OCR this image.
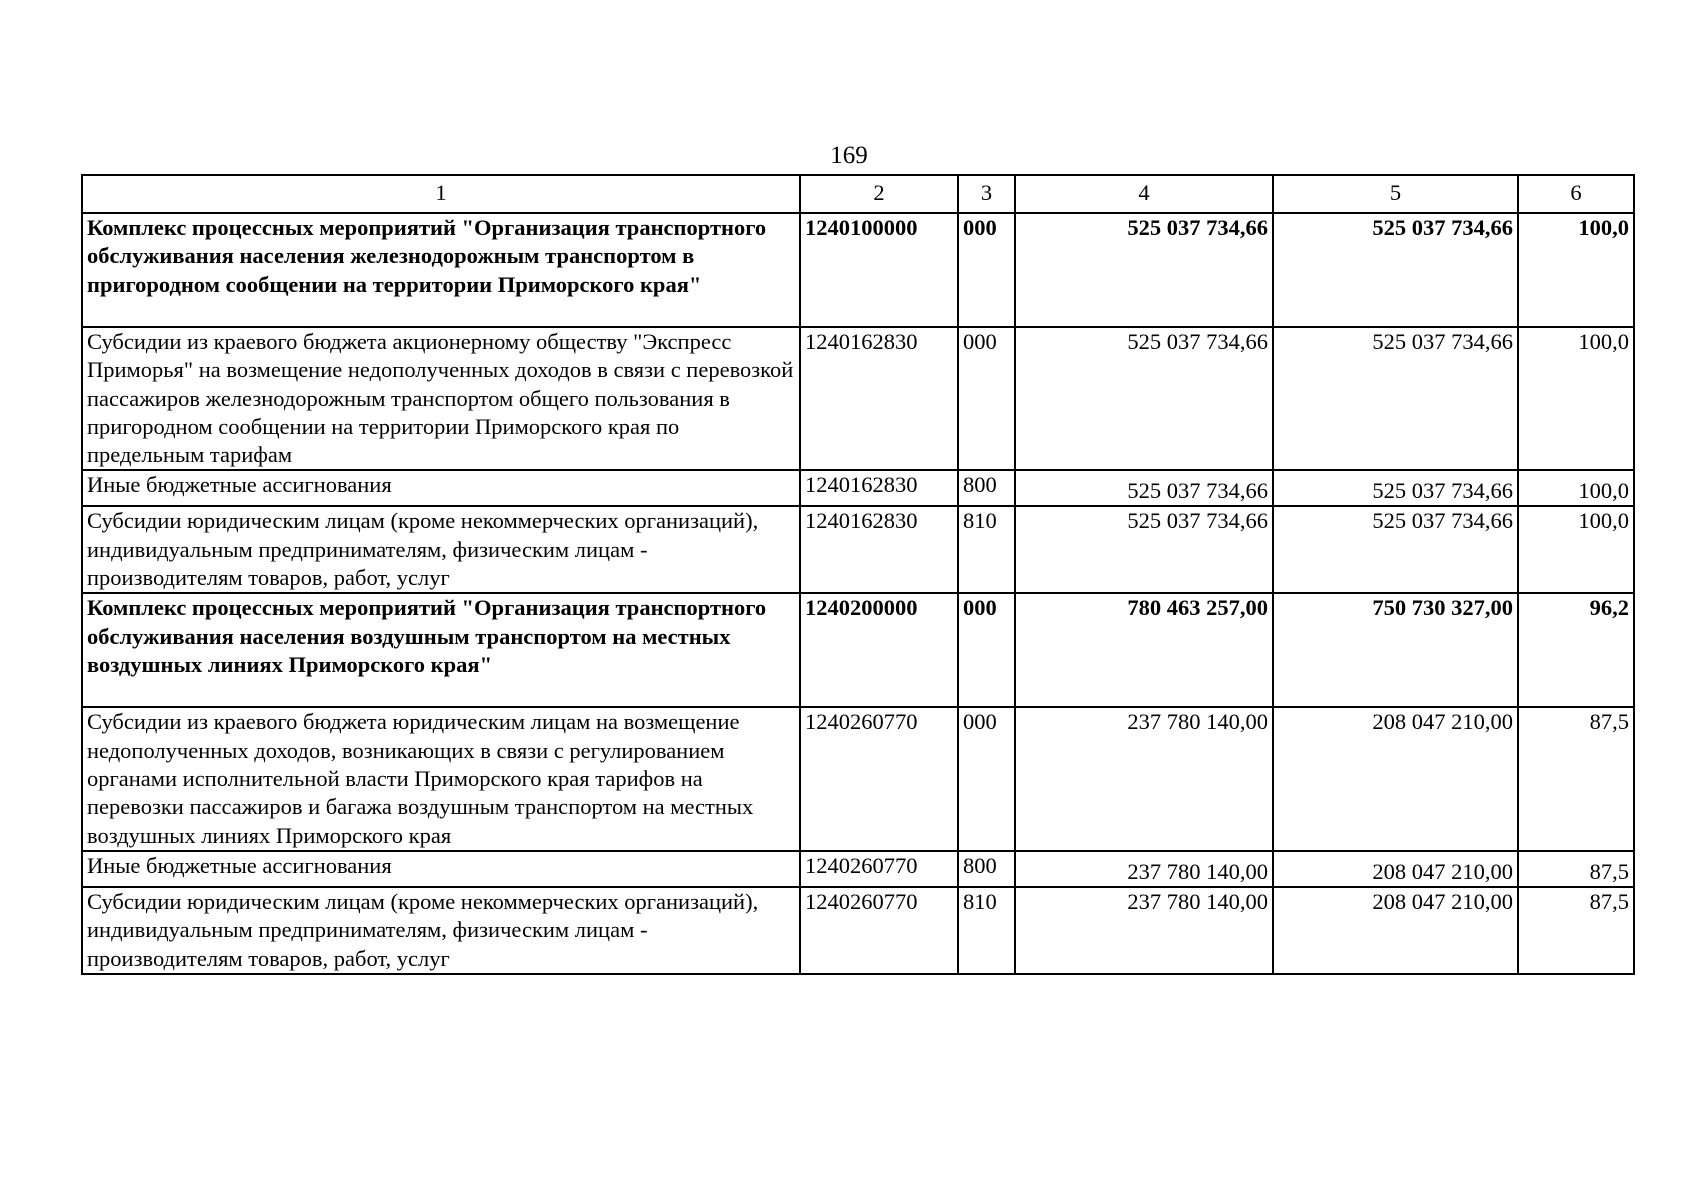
169
1	2	3	4	5	6
Комплекс процессных мероприятий "Организация транспортного обслуживания населения железнодорожным транспортом в пригородном сообщении на территории Приморского края"	1240100000	000	525 037 734,66	525 037 734,66	100,0
Субсидии из краевого бюджета акционерному обществу "Экспресс Приморья" на возмещение недополученных доходов в связи с перевозкой пассажиров железнодорожным транспортом общего пользования в пригородном сообщении на территории Приморского края по предельным тарифам	1240162830	000	525 037 734,66	525 037 734,66	100,0
Иные бюджетные ассигнования	1240162830	800	525 037 734,66	525 037 734,66	100,0
Субсидии юридическим лицам (кроме некоммерческих организаций), индивидуальным предпринимателям, физическим лицам - производителям товаров, работ, услуг	1240162830	810	525 037 734,66	525 037 734,66	100,0
Комплекс процессных мероприятий "Организация транспортного обслуживания населения воздушным транспортом на местных воздушных линиях Приморского края"	1240200000	000	780 463 257,00	750 730 327,00	96,2
Субсидии из краевого бюджета юридическим лицам на возмещение недополученных доходов, возникающих в связи с регулированием органами исполнительной власти Приморского края тарифов на перевозки пассажиров и багажа воздушным транспортом на местных воздушных линиях Приморского края	1240260770	000	237 780 140,00	208 047 210,00	87,5
Иные бюджетные ассигнования	1240260770	800	237 780 140,00	208 047 210,00	87,5
Субсидии юридическим лицам (кроме некоммерческих организаций), индивидуальным предпринимателям, физическим лицам - производителям товаров, работ, услуг	1240260770	810	237 780 140,00	208 047 210,00	87,5
